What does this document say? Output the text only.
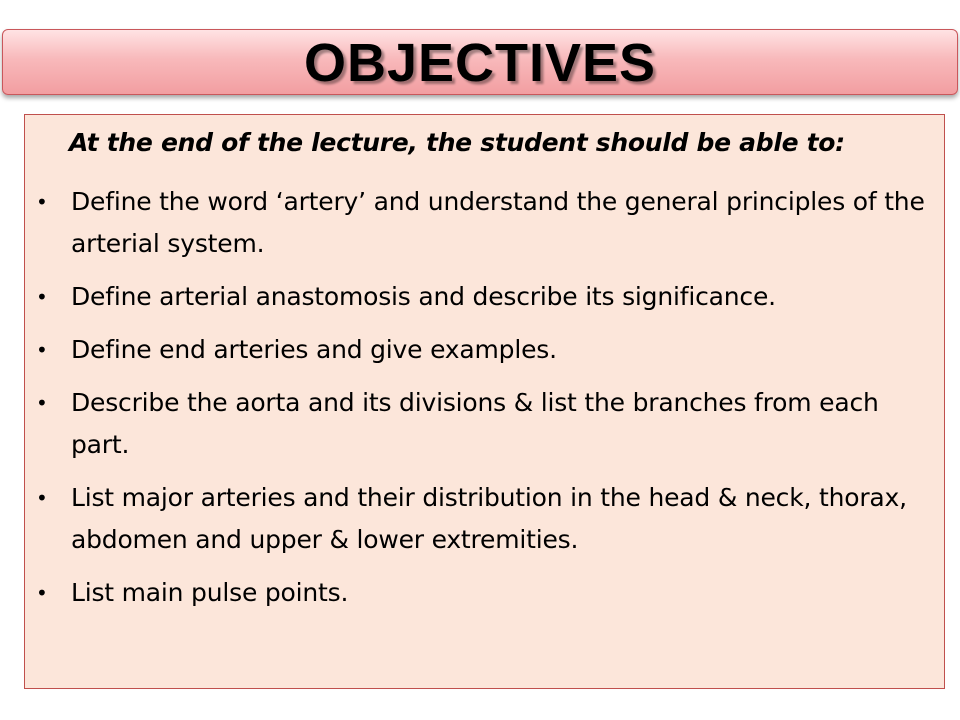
OBJECTIVES
At the end of the lecture, the student should be able to:
• Define the word ‘artery’ and understand the general principles of the arterial system.
• Define arterial anastomosis and describe its significance.
• Define end arteries and give examples.
• Describe the aorta and its divisions & list the branches from each part.
• List major arteries and their distribution in the head & neck, thorax, abdomen and upper & lower extremities.
• List main pulse points.
